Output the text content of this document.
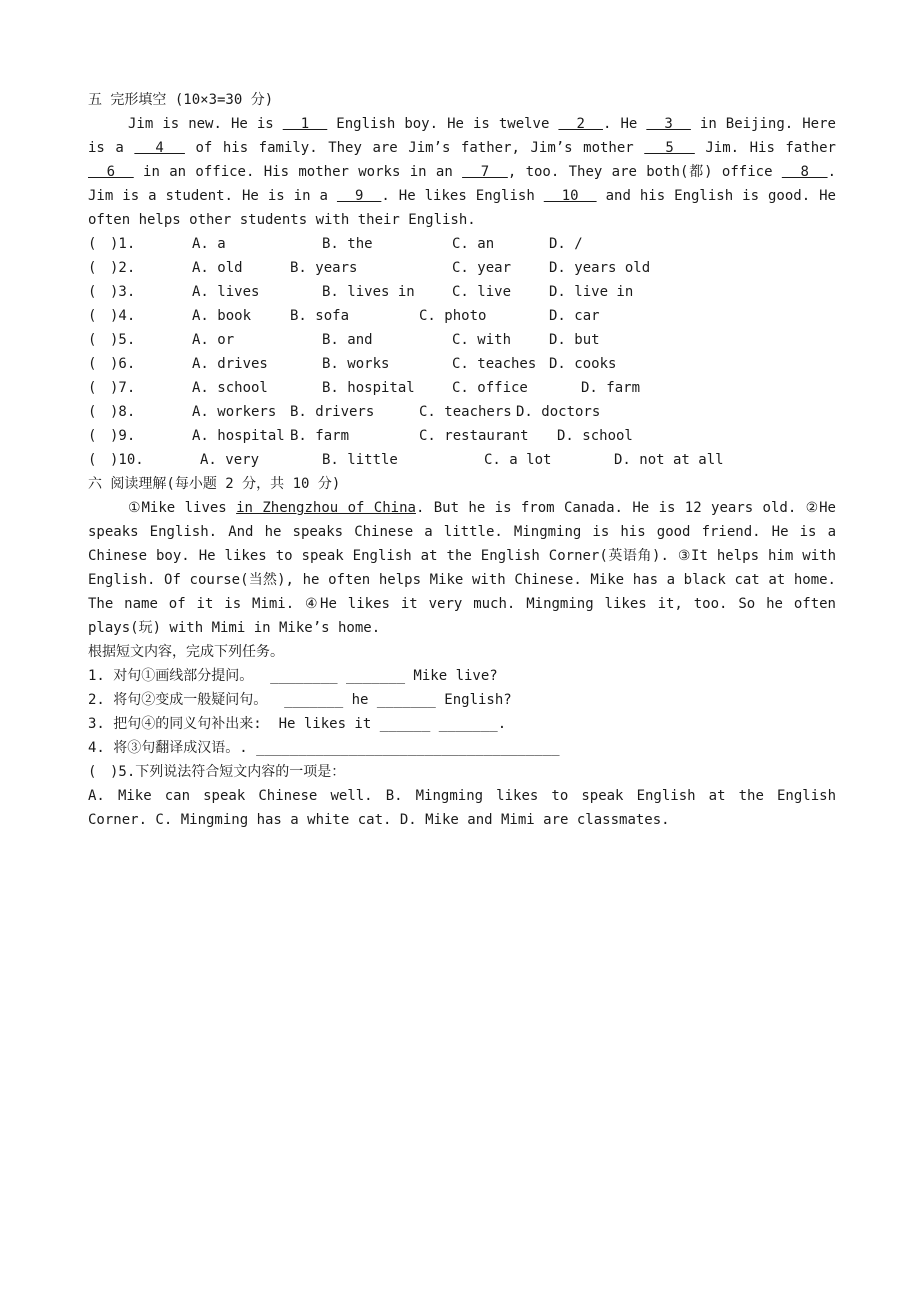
五 完形填空 (10×3=30 分)
Jim is new. He is   1   English boy. He is twelve   2  . He   3   in Beijing. Here is a   4   of his family. They are Jim’s father, Jim’s mother   5   Jim. His father   6   in an office. His mother works in an   7  , too. They are both(都) office   8  . Jim is a student. He is in a   9  . He likes English   10   and his English is good. He often helps other students with their English.
( )1.	A. a	B. the	C. an	D. /
( )2.	A. old	B. years	C. year	D. years old
( )3.	A. lives	B. lives in	C. live	D. live in
( )4.	A. book	B. sofa	C. photo	D. car
( )5.	A. or	B. and	C. with	D. but
( )6.	A. drives	B. works	C. teaches D. cooks
( )7.	A. school	B. hospital	C. office	D. farm
( )8.	A. workers B. drivers	C. teachers D. doctors
( )9.	A. hospital B. farm	C. restaurant D. school
( )10.	A. very	B. little	C. a lot	D. not at all
六 阅读理解(每小题 2 分，共 10 分)
①Mike lives in Zhengzhou of China. But he is from Canada. He is 12 years old. ②He speaks English. And he speaks Chinese a little. Mingming is his good friend. He is a Chinese boy. He likes to speak English at the English Corner(英语角). ③It helps him with English. Of course(当然), he often helps Mike with Chinese. Mike has a black cat at home. The name of it is Mimi. ④He likes it very much. Mingming likes it, too. So he often plays(玩) with Mimi in Mike’s home.
根据短文内容，完成下列任务。
1. 对句①画线部分提问。  ________ _______ Mike live?
2. 将句②变成一般疑问句。  _______ he _______ English?
3. 把句④的同义句补出来:  He likes it ______ _______.
4. 将③句翻译成汉语。. ____________________________________
( )5.下列说法符合短文内容的一项是：
A. Mike can speak Chinese well. B. Mingming likes to speak English at the English Corner. C. Mingming has a white cat. D. Mike and Mimi are classmates.
